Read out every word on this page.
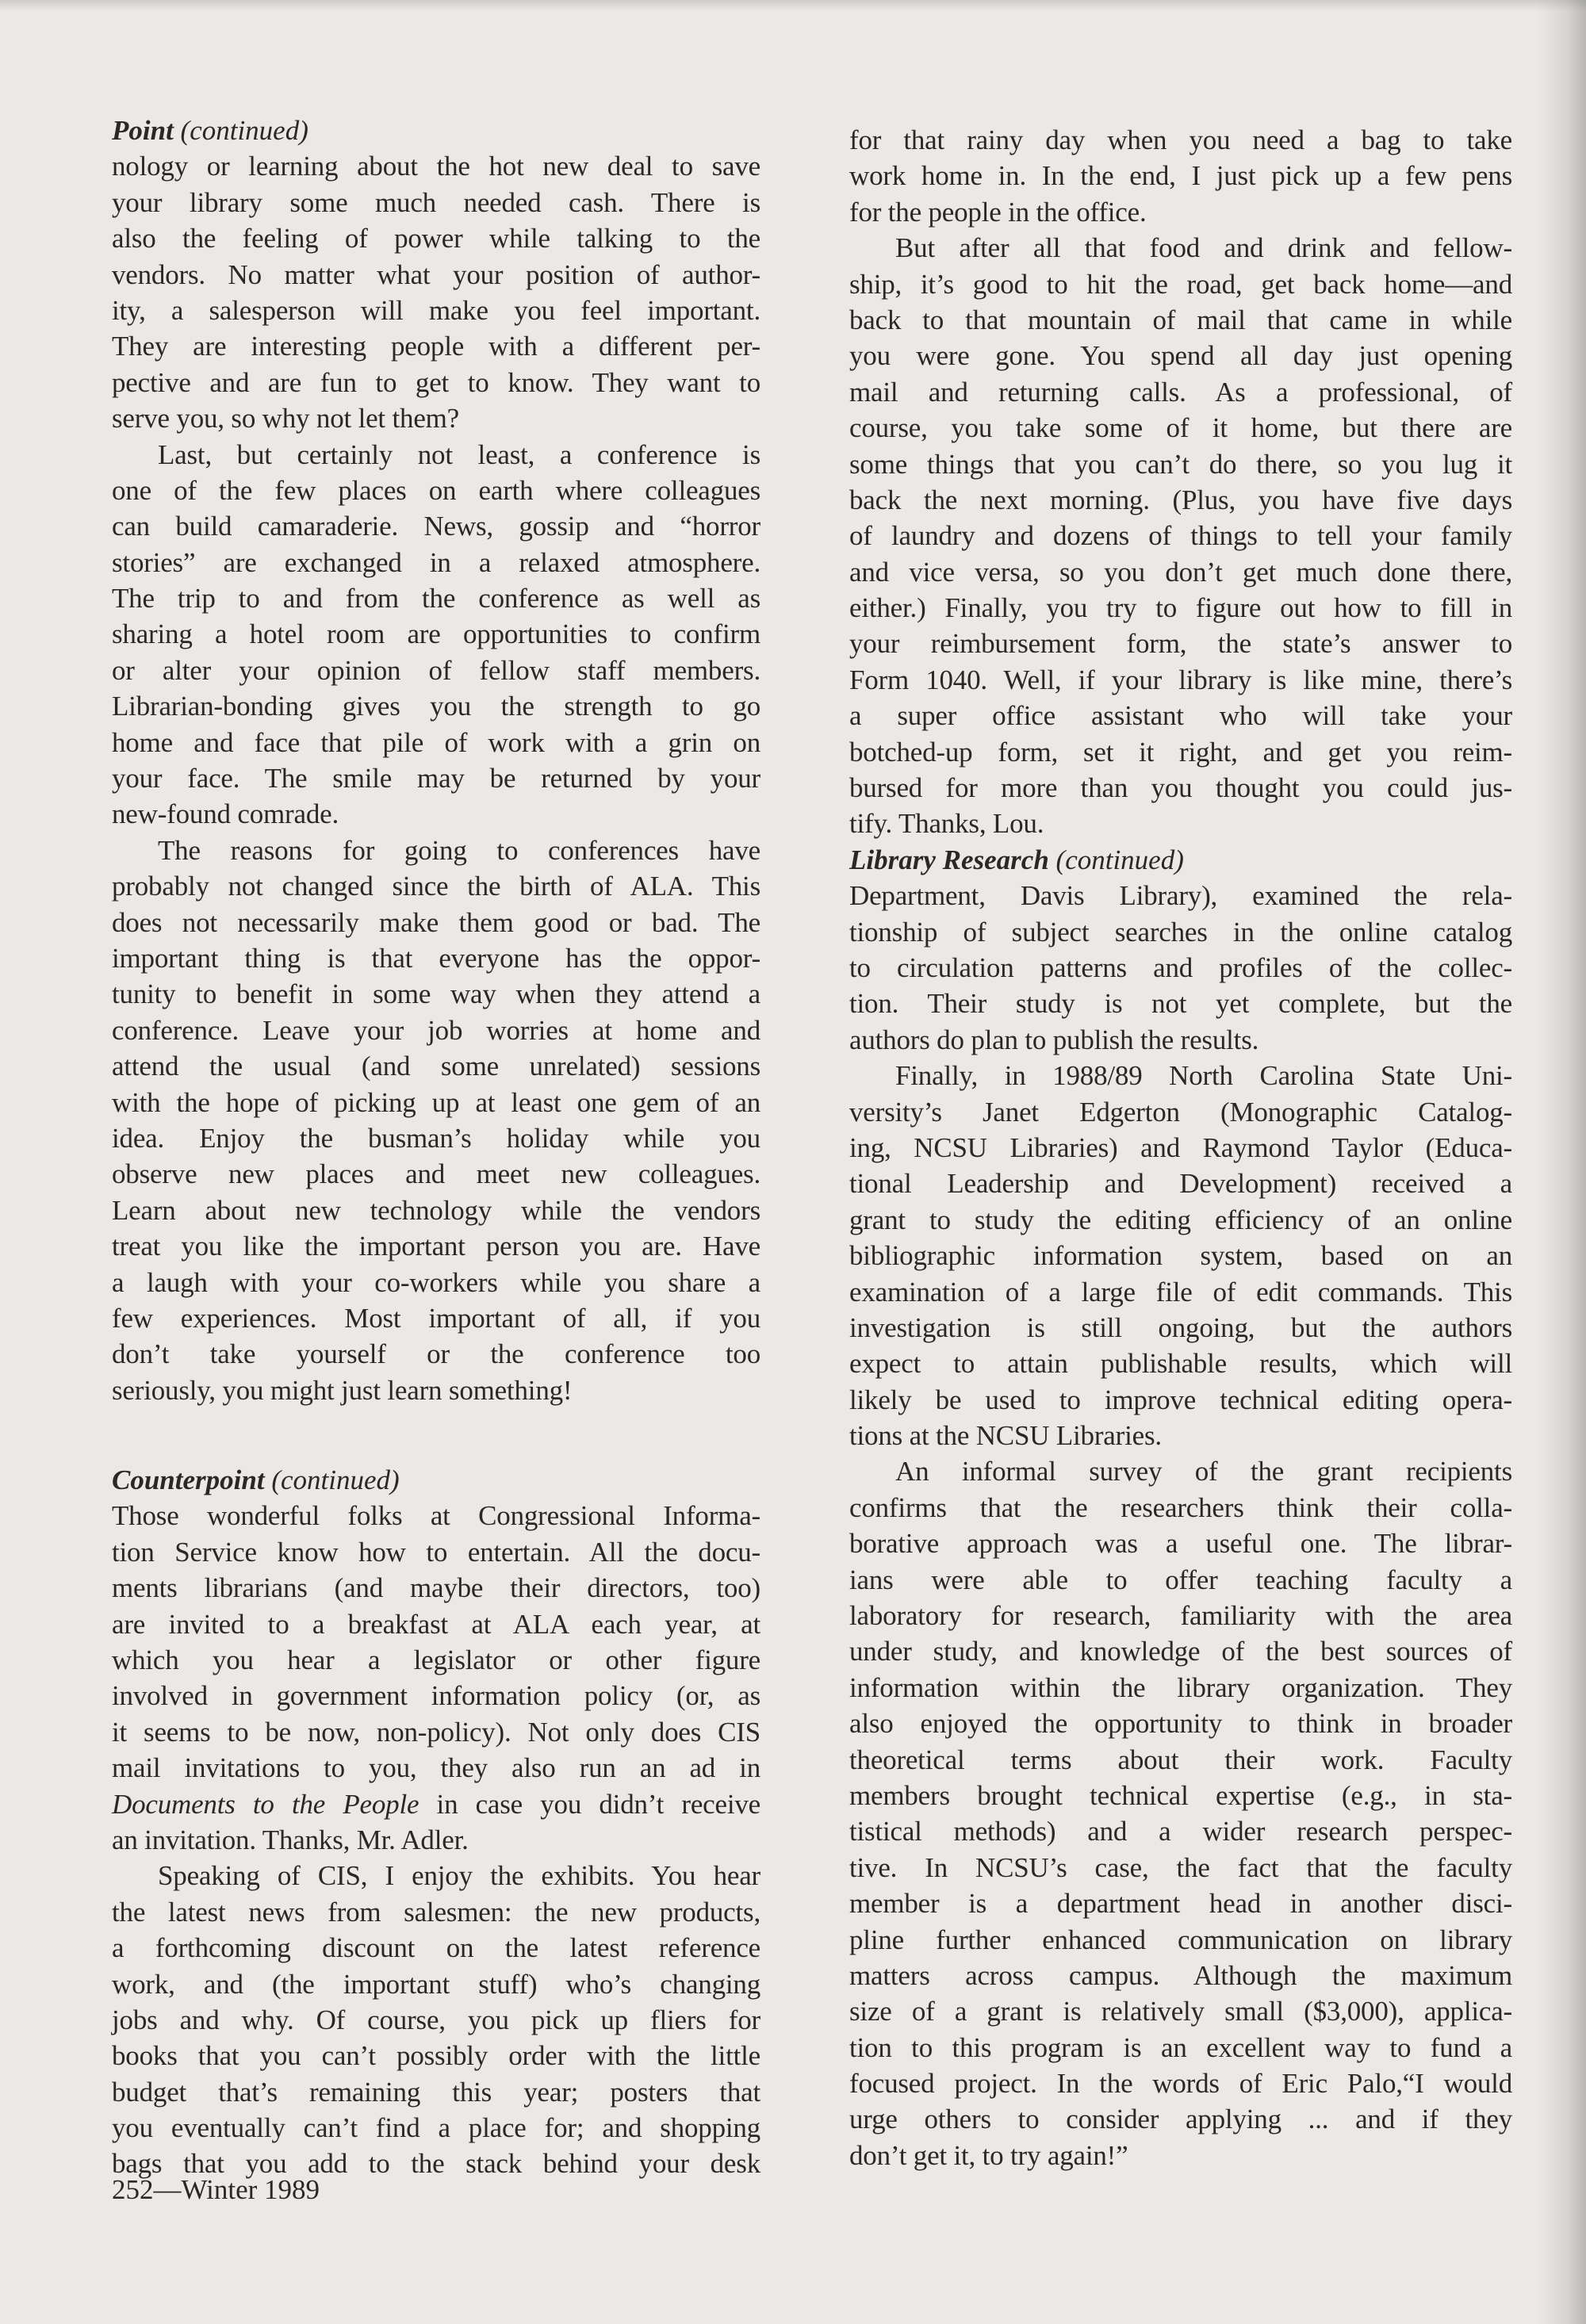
Point (continued)
nology or learning about the hot new deal to save
your library some much needed cash. There is
also the feeling of power while talking to the
vendors. No matter what your position of author-
ity, a salesperson will make you feel important.
They are interesting people with a different per-
pective and are fun to get to know. They want to
serve you, so why not let them?
Last, but certainly not least, a conference is
one of the few places on earth where colleagues
can build camaraderie. News, gossip and “horror
stories” are exchanged in a relaxed atmosphere.
The trip to and from the conference as well as
sharing a hotel room are opportunities to confirm
or alter your opinion of fellow staff members.
Librarian-bonding gives you the strength to go
home and face that pile of work with a grin on
your face. The smile may be returned by your
new-found comrade.
The reasons for going to conferences have
probably not changed since the birth of ALA. This
does not necessarily make them good or bad. The
important thing is that everyone has the oppor-
tunity to benefit in some way when they attend a
conference. Leave your job worries at home and
attend the usual (and some unrelated) sessions
with the hope of picking up at least one gem of an
idea. Enjoy the busman’s holiday while you
observe new places and meet new colleagues.
Learn about new technology while the vendors
treat you like the important person you are. Have
a laugh with your co-workers while you share a
few experiences. Most important of all, if you
don’t take yourself or the conference too
seriously, you might just learn something!
Counterpoint (continued)
Those wonderful folks at Congressional Informa-
tion Service know how to entertain. All the docu-
ments librarians (and maybe their directors, too)
are invited to a breakfast at ALA each year, at
which you hear a legislator or other figure
involved in government information policy (or, as
it seems to be now, non-policy). Not only does CIS
mail invitations to you, they also run an ad in
Documents to the People in case you didn’t receive
an invitation. Thanks, Mr. Adler.
Speaking of CIS, I enjoy the exhibits. You hear
the latest news from salesmen: the new products,
a forthcoming discount on the latest reference
work, and (the important stuff) who’s changing
jobs and why. Of course, you pick up fliers for
books that you can’t possibly order with the little
budget that’s remaining this year; posters that
you eventually can’t find a place for; and shopping
bags that you add to the stack behind your desk
for that rainy day when you need a bag to take
work home in. In the end, I just pick up a few pens
for the people in the office.
But after all that food and drink and fellow-
ship, it’s good to hit the road, get back home—and
back to that mountain of mail that came in while
you were gone. You spend all day just opening
mail and returning calls. As a professional, of
course, you take some of it home, but there are
some things that you can’t do there, so you lug it
back the next morning. (Plus, you have five days
of laundry and dozens of things to tell your family
and vice versa, so you don’t get much done there,
either.) Finally, you try to figure out how to fill in
your reimbursement form, the state’s answer to
Form 1040. Well, if your library is like mine, there’s
a super office assistant who will take your
botched-up form, set it right, and get you reim-
bursed for more than you thought you could jus-
tify. Thanks, Lou.
Library Research (continued)
Department, Davis Library), examined the rela-
tionship of subject searches in the online catalog
to circulation patterns and profiles of the collec-
tion. Their study is not yet complete, but the
authors do plan to publish the results.
Finally, in 1988/89 North Carolina State Uni-
versity’s Janet Edgerton (Monographic Catalog-
ing, NCSU Libraries) and Raymond Taylor (Educa-
tional Leadership and Development) received a
grant to study the editing efficiency of an online
bibliographic information system, based on an
examination of a large file of edit commands. This
investigation is still ongoing, but the authors
expect to attain publishable results, which will
likely be used to improve technical editing opera-
tions at the NCSU Libraries.
An informal survey of the grant recipients
confirms that the researchers think their colla-
borative approach was a useful one. The librar-
ians were able to offer teaching faculty a
laboratory for research, familiarity with the area
under study, and knowledge of the best sources of
information within the library organization. They
also enjoyed the opportunity to think in broader
theoretical terms about their work. Faculty
members brought technical expertise (e.g., in sta-
tistical methods) and a wider research perspec-
tive. In NCSU’s case, the fact that the faculty
member is a department head in another disci-
pline further enhanced communication on library
matters across campus. Although the maximum
size of a grant is relatively small ($3,000), applica-
tion to this program is an excellent way to fund a
focused project. In the words of Eric Palo,“I would
urge others to consider applying ... and if they
don’t get it, to try again!”
252—Winter 1989
